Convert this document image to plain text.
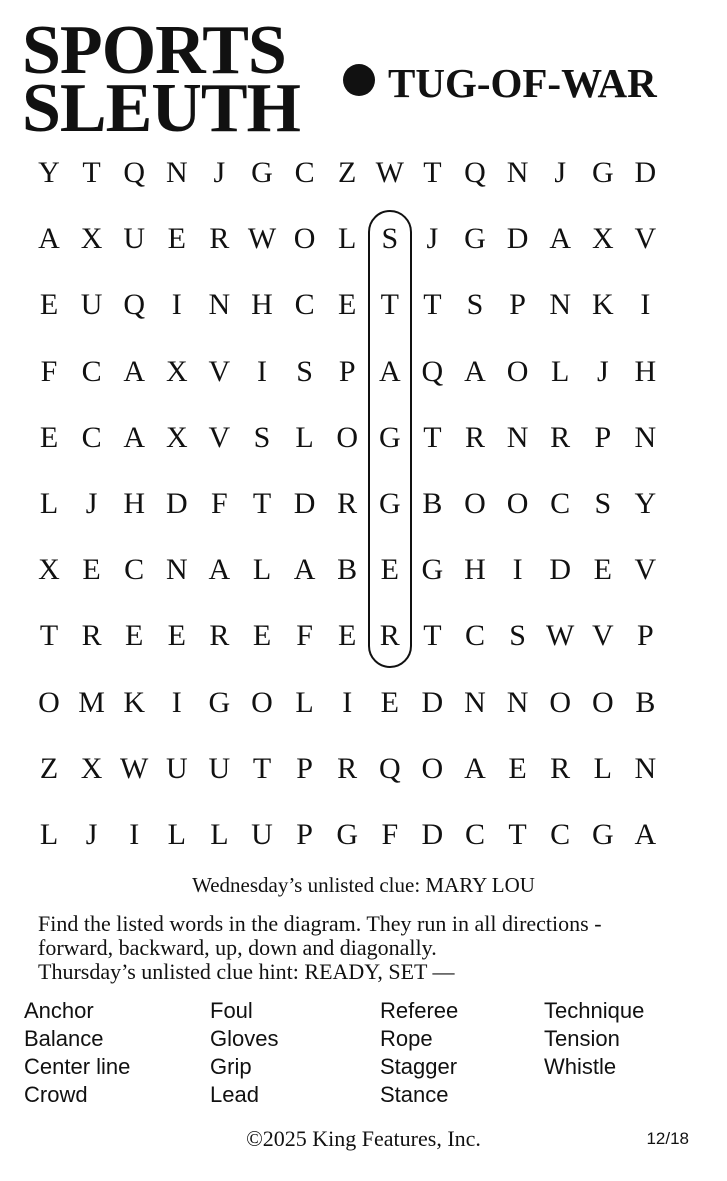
SPORTS
SLEUTH TUG-OF-WAR
Y T Q N J G C Z W T Q N J G D
A X U E R W O L S J G D A X V
E U Q I N H C E T T S P N K I
F C A X V I S P A Q A O L J H
E C A X V S L O G T R N R P N
L J H D F T D R G B O O C S Y
X E C N A L A B E G H I D E V
T R E E R E F E R T C S W V P
O M K I G O L I E D N N O O B
Z X W U U T P R Q O A E R L N
L J	I L L U P G F D C T C G A

Wednesday’s unlisted clue: MARY LOU

Find the listed words in the diagram. They run in all directions -
forward, backward, up, down and diagonally.
Thursday’s unlisted clue hint: READY, SET —

Anchor
Balance
Center line
Crowd
Foul
Gloves
Grip
Lead
Referee
Rope
Stagger
Stance
Technique
Tension
Whistle

©2025 King Features, Inc.	12/18
